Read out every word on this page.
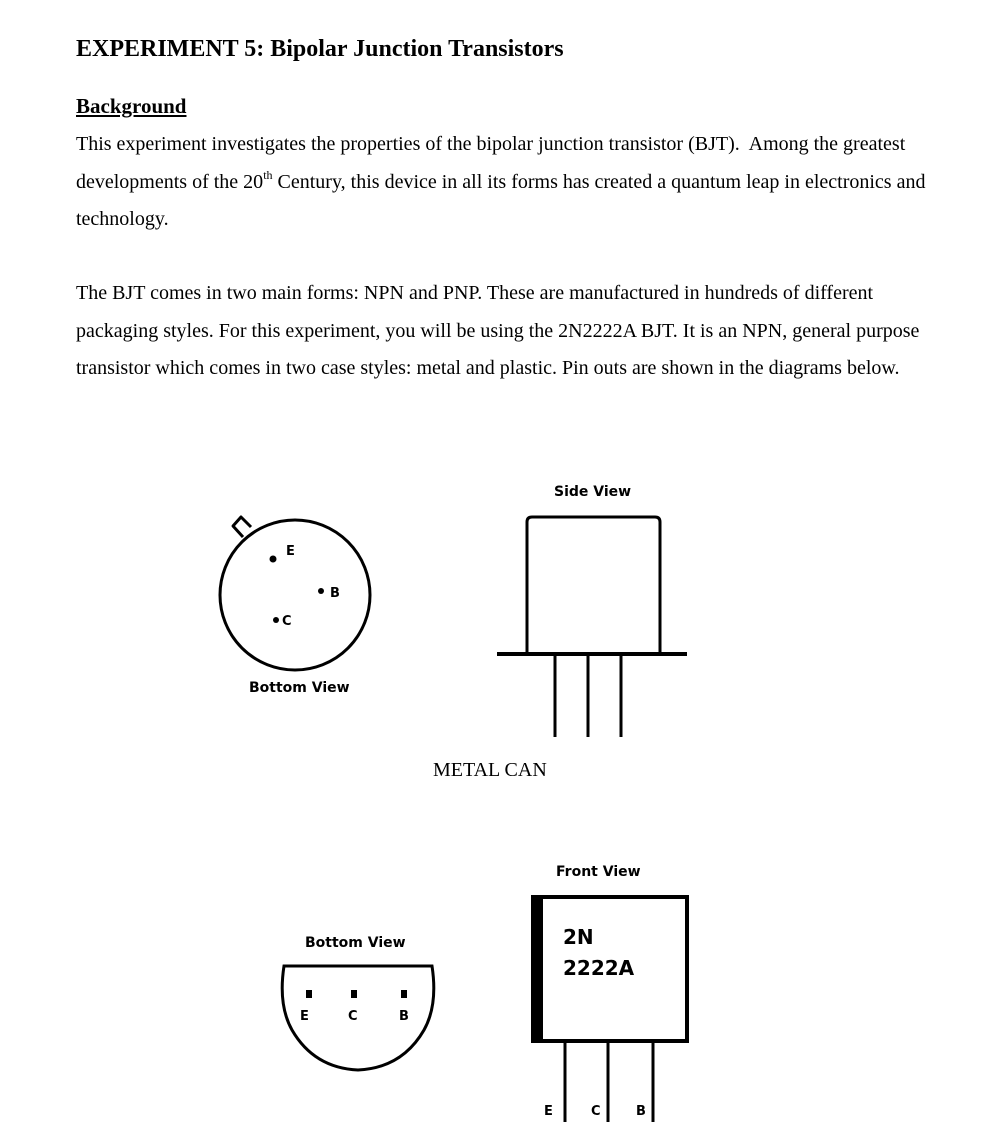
EXPERIMENT 5: Bipolar Junction Transistors
Background
This experiment investigates the properties of the bipolar junction transistor (BJT).  Among the greatest developments of the 20th Century, this device in all its forms has created a quantum leap in electronics and technology.
The BJT comes in two main forms: NPN and PNP. These are manufactured in hundreds of different packaging styles. For this experiment, you will be using the 2N2222A BJT. It is an NPN, general purpose transistor which comes in two case styles: metal and plastic. Pin outs are shown in the diagrams below.
E
B
C
Bottom View
Side View
METAL CAN
Bottom View
E	C	B
Front View
2N
2222A
E	C	B
